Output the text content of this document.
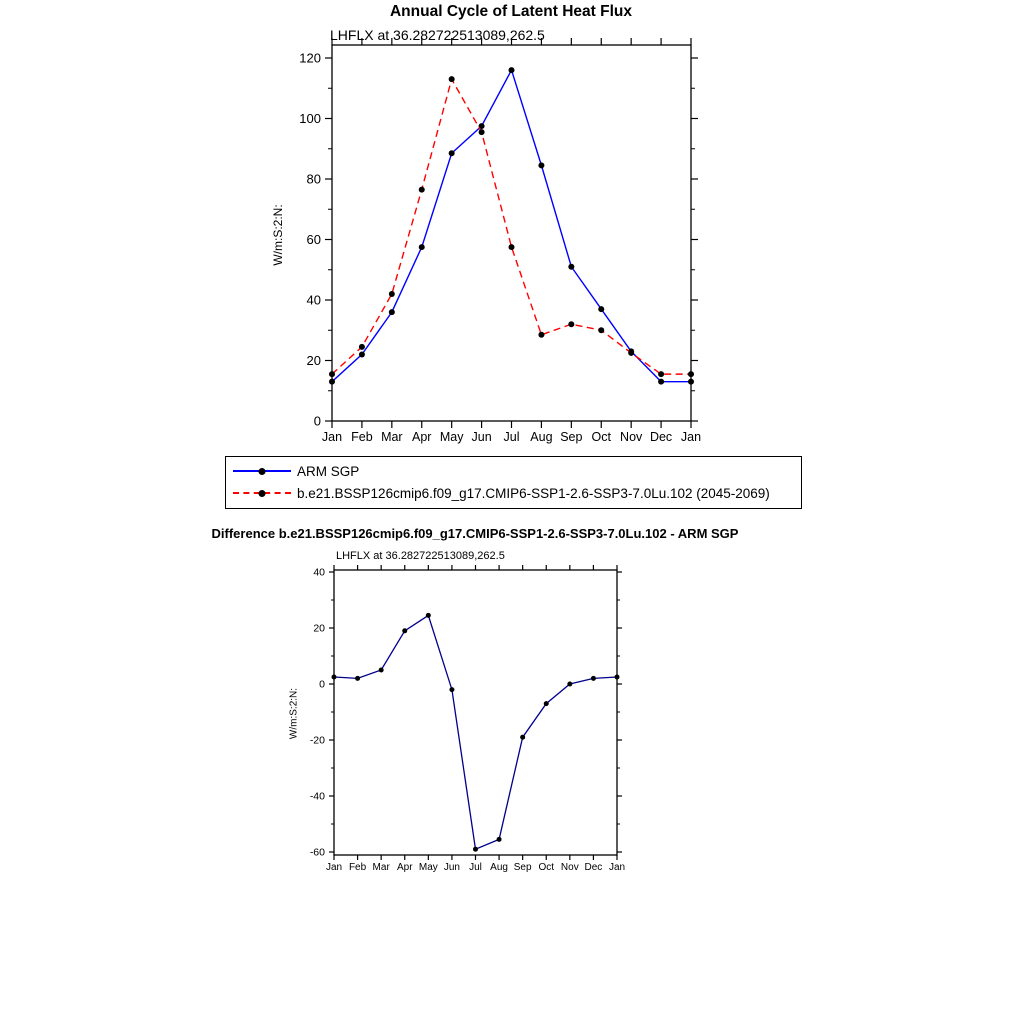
0
20
40
60
80
100
120
Jan Feb Mar Apr May Jun Jul Aug Sep Oct Nov Dec Jan
-60
-40
-20
0
20
40
Jan Feb Mar Apr May Jun Jul Aug Sep Oct Nov Dec Jan
Annual Cycle of Latent Heat Flux
LHFLX at 36.282722513089,262.5
W/m:S:2:N:
ARM SGP
b.e21.BSSP126cmip6.f09_g17.CMIP6-SSP1-2.6-SSP3-7.0Lu.102 (2045-2069)
Difference b.e21.BSSP126cmip6.f09_g17.CMIP6-SSP1-2.6-SSP3-7.0Lu.102 - ARM SGP
LHFLX at 36.282722513089,262.5
W/m:S:2:N:
